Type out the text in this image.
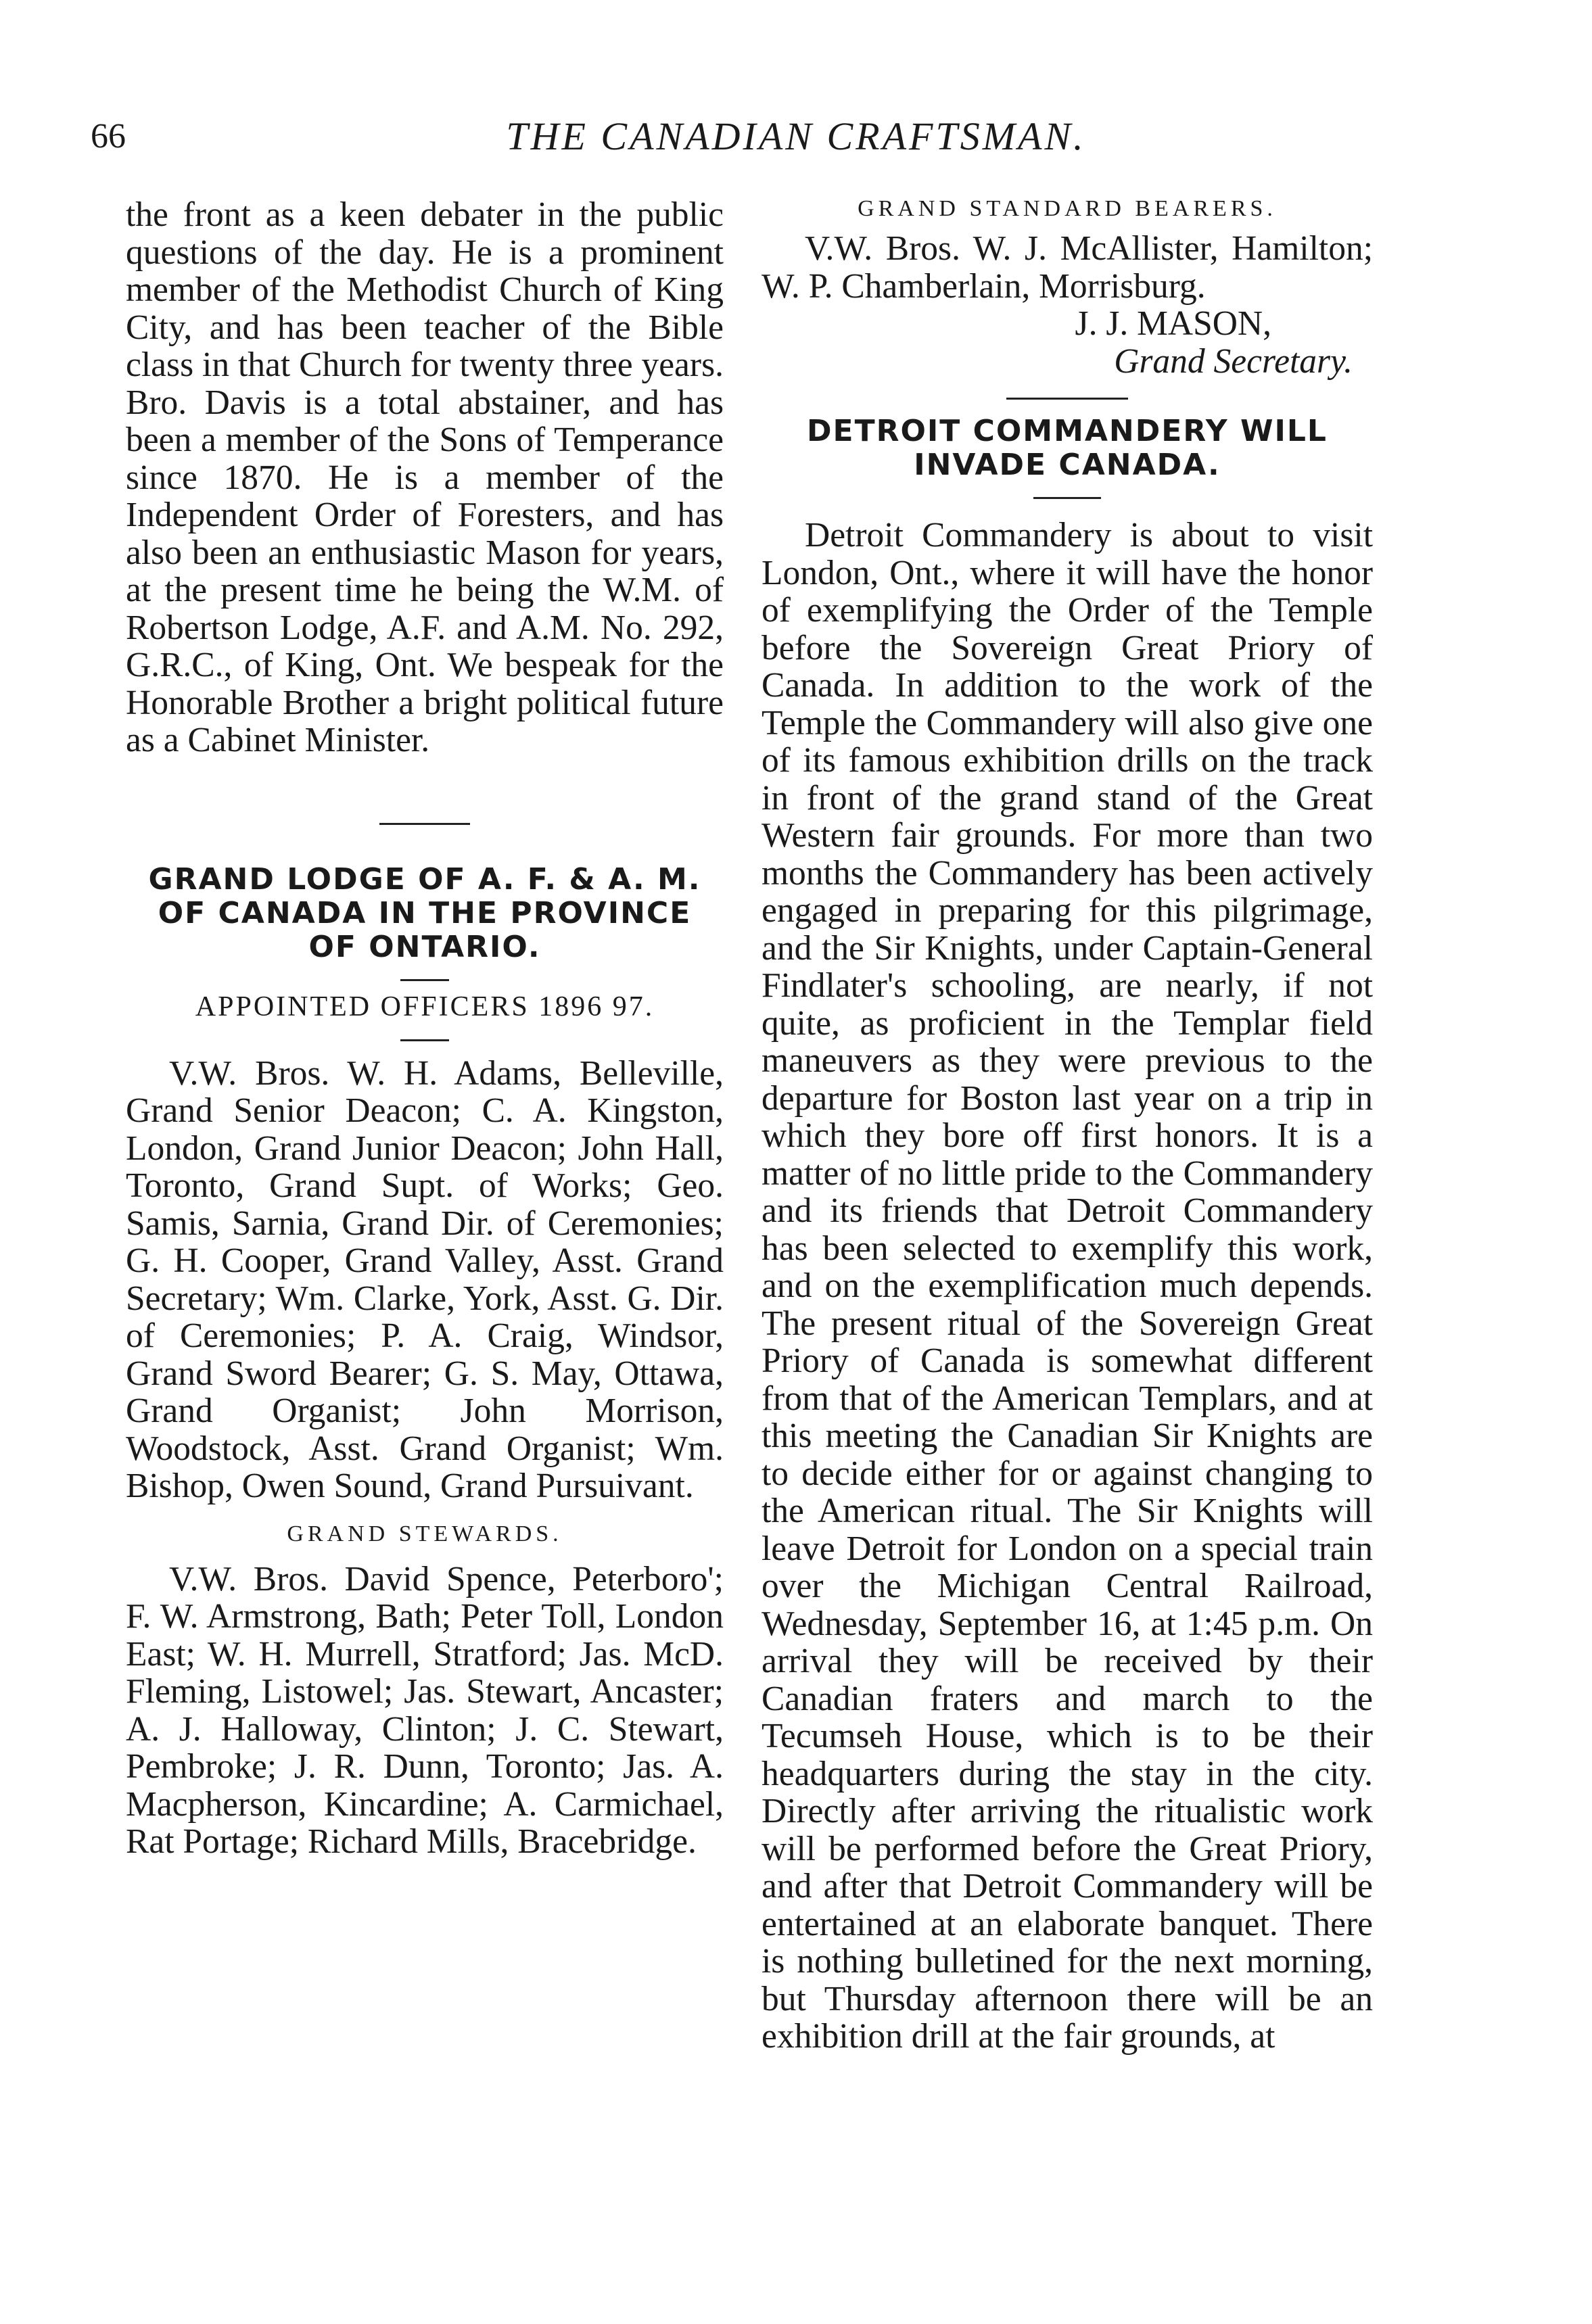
66	THE CANADIAN CRAFTSMAN.

the front as a keen debater in the public questions of the day. He is a prominent member of the Methodist Church of King City, and has been teacher of the Bible class in that Church for twenty three years. Bro. Davis is a total abstainer, and has been a member of the Sons of Temperance since 1870. He is a member of the Independent Order of Foresters, and has also been an enthusiastic Mason for years, at the present time he being the W.M. of Robertson Lodge, A.F. and A.M. No. 292, G.R.C., of King, Ont. We bespeak for the Honorable Brother a bright political future as a Cabinet Minister.

GRAND LODGE OF A. F. & A. M. OF CANADA IN THE PROVINCE OF ONTARIO.

APPOINTED OFFICERS 1896 97.

V.W. Bros. W. H. Adams, Belleville, Grand Senior Deacon; C. A. Kingston, London, Grand Junior Deacon; John Hall, Toronto, Grand Supt. of Works; Geo. Samis, Sarnia, Grand Dir. of Ceremonies; G. H. Cooper, Grand Valley, Asst. Grand Secretary; Wm. Clarke, York, Asst. G. Dir. of Ceremonies; P. A. Craig, Windsor, Grand Sword Bearer; G. S. May, Ottawa, Grand Organist; John Morrison, Woodstock, Asst. Grand Organist; Wm. Bishop, Owen Sound, Grand Pursuivant.

GRAND STEWARDS.

V.W. Bros. David Spence, Peterboro'; F. W. Armstrong, Bath; Peter Toll, London East; W. H. Murrell, Stratford; Jas. McD. Fleming, Listowel; Jas. Stewart, Ancaster; A. J. Halloway, Clinton; J. C. Stewart, Pembroke; J. R. Dunn, Toronto; Jas. A. Macpherson, Kincardine; A. Carmichael, Rat Portage; Richard Mills, Bracebridge.

GRAND STANDARD BEARERS.

V.W. Bros. W. J. McAllister, Hamilton; W. P. Chamberlain, Morrisburg.

J. J. MASON,
Grand Secretary.

DETROIT COMMANDERY WILL INVADE CANADA.

Detroit Commandery is about to visit London, Ont., where it will have the honor of exemplifying the Order of the Temple before the Sovereign Great Priory of Canada. In addition to the work of the Temple the Commandery will also give one of its famous exhibition drills on the track in front of the grand stand of the Great Western fair grounds. For more than two months the Commandery has been actively engaged in preparing for this pilgrimage, and the Sir Knights, under Captain-General Findlater's schooling, are nearly, if not quite, as proficient in the Templar field maneuvers as they were previous to the departure for Boston last year on a trip in which they bore off first honors. It is a matter of no little pride to the Commandery and its friends that Detroit Commandery has been selected to exemplify this work, and on the exemplification much depends. The present ritual of the Sovereign Great Priory of Canada is somewhat different from that of the American Templars, and at this meeting the Canadian Sir Knights are to decide either for or against changing to the American ritual. The Sir Knights will leave Detroit for London on a special train over the Michigan Central Railroad, Wednesday, September 16, at 1:45 p.m. On arrival they will be received by their Canadian fraters and march to the Tecumseh House, which is to be their headquarters during the stay in the city. Directly after arriving the ritualistic work will be performed before the Great Priory, and after that Detroit Commandery will be entertained at an elaborate banquet. There is nothing bulletined for the next morning, but Thursday afternoon there will be an exhibition drill at the fair grounds, at
